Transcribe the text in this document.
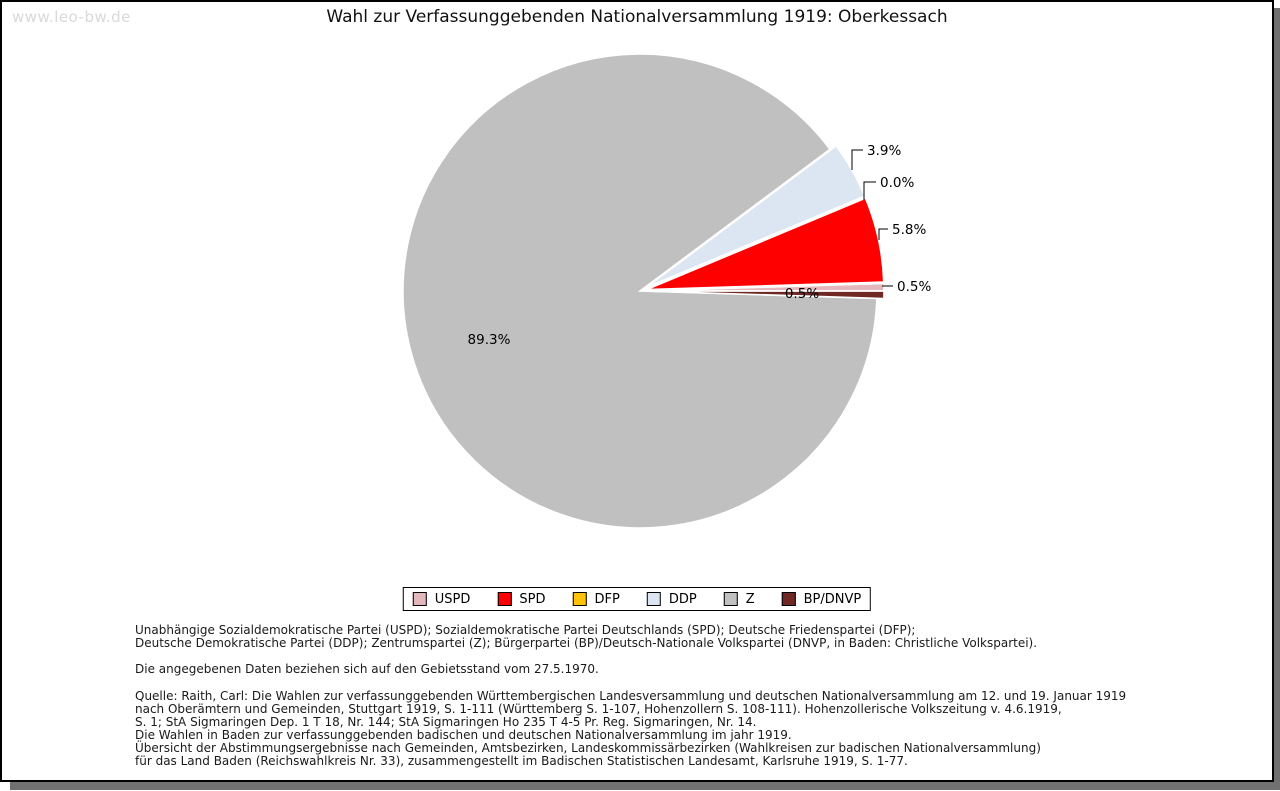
www.leo-bw.de	Wahl zur Verfassunggebenden Nationalversammlung 1919: Oberkessach
0.5%
5.8%
0.0%
3.9%
89.3%
0.5%
USPD	SPD	DFP	DDP	Z	BP/DNVP
Unabhängige Sozialdemokratische Partei (USPD); Sozialdemokratische Partei Deutschlands (SPD); Deutsche Friedenspartei (DFP);
Deutsche Demokratische Partei (DDP); Zentrumspartei (Z); Bürgerpartei (BP)/Deutsch-Nationale Volkspartei (DNVP, in Baden: Christliche Volkspartei).
Die angegebenen Daten beziehen sich auf den Gebietsstand vom 27.5.1970.
Quelle: Raith, Carl: Die Wahlen zur verfassunggebenden Württembergischen Landesversammlung und deutschen Nationalversammlung am 12. und 19. Januar 1919
nach Oberämtern und Gemeinden, Stuttgart 1919, S. 1-111 (Württemberg S. 1-107, Hohenzollern S. 108-111). Hohenzollerische Volkszeitung v. 4.6.1919,
S. 1; StA Sigmaringen Dep. 1 T 18, Nr. 144; StA Sigmaringen Ho 235 T 4-5 Pr. Reg. Sigmaringen, Nr. 14.
Die Wahlen in Baden zur verfassunggebenden badischen und deutschen Nationalversammlung im jahr 1919.
Übersicht der Abstimmungsergebnisse nach Gemeinden, Amtsbezirken, Landeskommissärbezirken (Wahlkreisen zur badischen Nationalversammlung)
für das Land Baden (Reichswahlkreis Nr. 33), zusammengestellt im Badischen Statistischen Landesamt, Karlsruhe 1919, S. 1-77.
